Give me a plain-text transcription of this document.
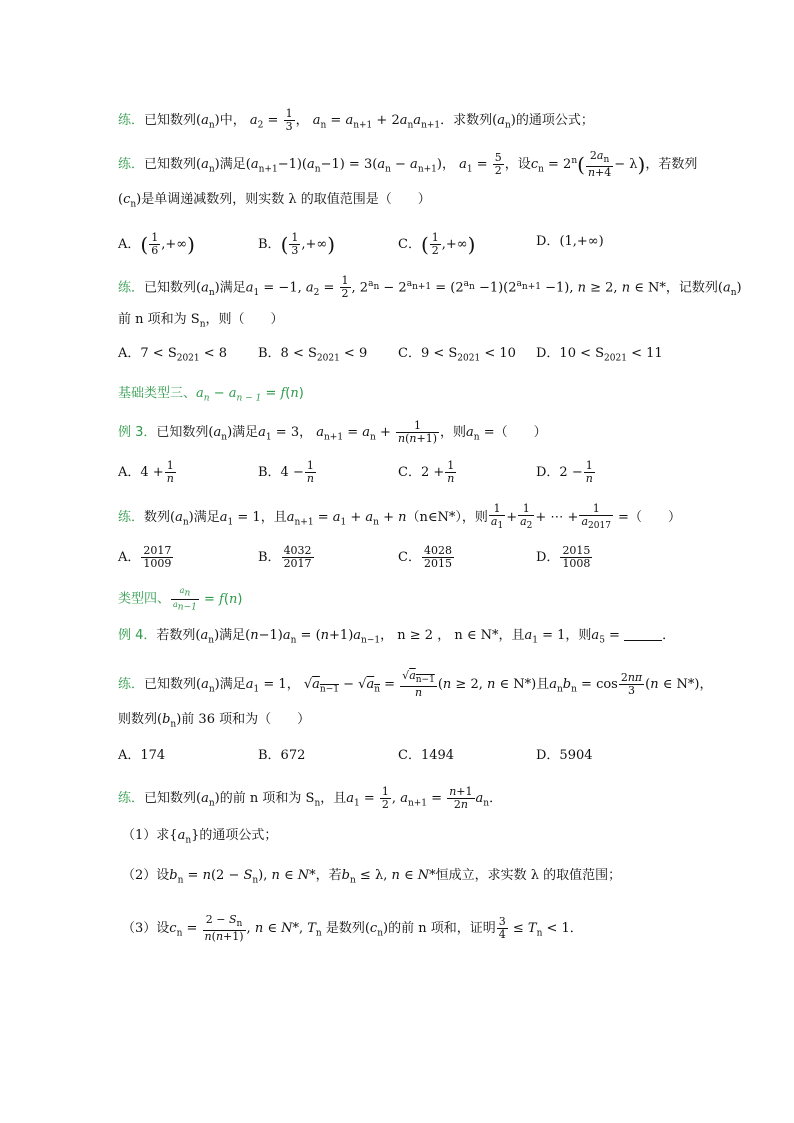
练．已知数列$(a_n)$中， $a_2 = \frac{1}{3}$ ， $a_n = a_{n+1} + 2a_na_{n+1}$．求数列$(a_n)$的通项公式；
练．已知数列$(a_n)$满足$(a_{n+1}-1)(a_n-1) = 3(a_n - a_{n+1})$， $a_1 = \frac{5}{2}$ ，设$c_n = 2^n( \frac{2a_n}{n+4} - \lambda)$，若数列
$(c_n)$是单调递减数列，则实数 λ 的取值范围是（　　）
A．( $\frac{1}{6}$ ,+∞)	B．( $\frac{1}{3}$ ,+∞)	C．( $\frac{1}{2}$ ,+∞)	D．(1,+∞)
练．已知数列$(a_n)$满足$a_1 = -1$, $a_2 = \frac{1}{2}$ , $2^{a_n} - 2^{a_{n+1}} = (2^{a_n} -1)(2^{a_{n+1}} -1)$, n ≥ 2, n ∈ N*，记数列$(a_n)$
前 n 项和为 $S_n$，则（　　）
A．$7 < S_{2021} < 8$ B．$8 < S_{2021} < 9$ C．$9 < S_{2021} < 10$ D．$10 < S_{2021} < 11$
基础类型三、$a_n - a_{n - 1} = f(n)$
例 3．已知数列$(a_n)$满足$a_1 = 3$， $a_{n+1} = a_n + \frac{1}{n(n+1)}$ ，则$a_n$ =（　　）
A．$4 + \frac{1}{n}$	B．$4 - \frac{1}{n}$	C．$2 + \frac{1}{n}$	D．$2 - \frac{1}{n}$
练．数列$(a_n)$满足$a_1 = 1$，且$a_{n+1} = a_1 + a_n$ + n（n∈N*），则 $\frac{1}{a_1} + \frac{1}{a_2}$ + ⋯ + $\frac{1}{a_{2017}}$ =（　　）
A． $\frac{2017}{1009}$	B． $\frac{4032}{2017}$	C． $\frac{4028}{2015}$	D． $\frac{2015}{1008}$
类型四、 $\frac{a_n}{a_{n-1}} = f(n)$
例 4．若数列$(a_n)$满足$(n-1)a_n = (n+1)a_{n-1}$， n ≥ 2 ， n ∈ N*，且$a_1 = 1$，则$a_5$ =	．
练．已知数列$(a_n)$满足$a_1 = 1$， $√a_{n-1} - √a_n = \frac{√a_{n-1}}{n} (n \ge 2$, n ∈ N*)且$a_nb_n = \cos \frac{2n\pi}{3} (n$ ∈ N*)，
则数列$(b_n)$前 36 项和为（　　）
A．174	B．672	C．1494	D．5904
练．已知数列$(a_n)$的前 n 项和为 $S_n$，且$a_1 = \frac{1}{2}$ , $a_{n+1} = \frac{n+1}{2n} a_n$．
（1）求$\{a_n\}$的通项公式；
（2）设$b_n = n(2 - S_n)$, n ∈ N*，若$b_n \le \lambda$, n ∈ N*恒成立，求实数 λ 的取值范围；
（3）设$c_n = \frac{2 - S_n}{n(n+1)}$ , n ∈ N*, $T_n$ 是数列$(c_n)$的前 n 项和，证明 $\frac{3}{4} \le T_n < 1$．
